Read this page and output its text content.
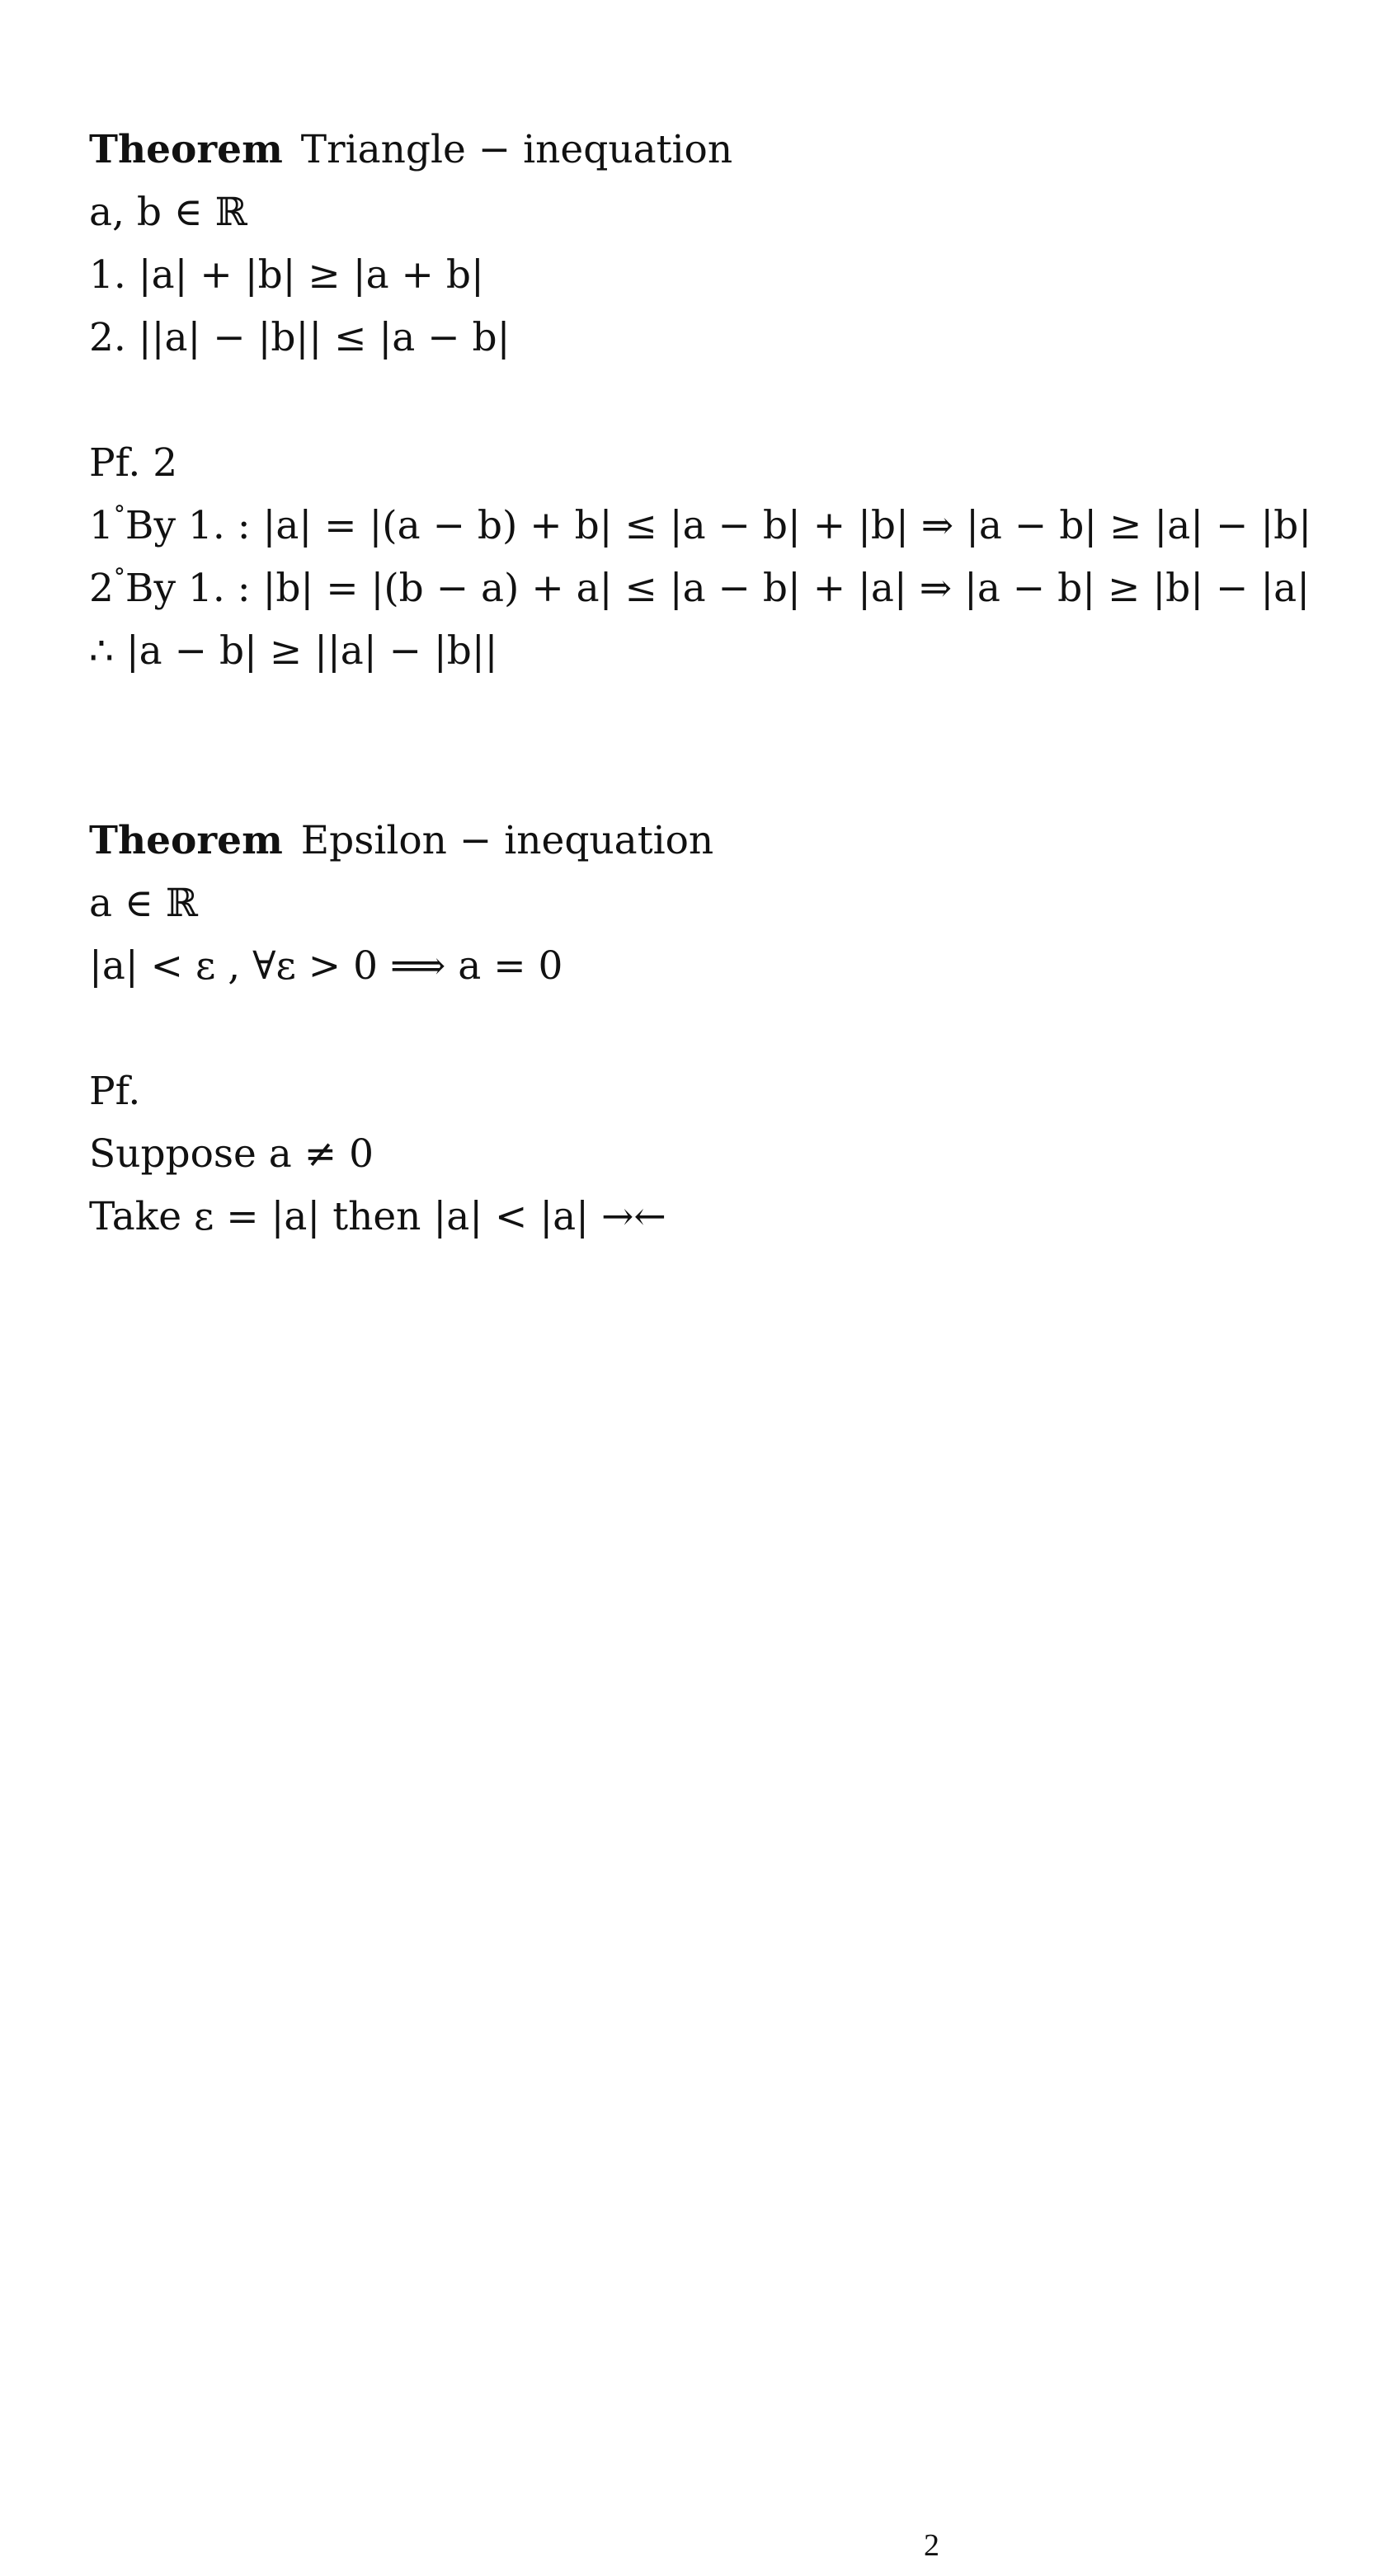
Theorem Triangle − inequation
a, b ∈ ℝ
1. |a| + |b| ≥ |a + b|
2. ||a| − |b|| ≤ |a − b|
Pf. 2
1°By 1. : |a| = |(a − b) + b| ≤ |a − b| + |b| ⇒ |a − b| ≥ |a| − |b|
2°By 1. : |b| = |(b − a) + a| ≤ |a − b| + |a| ⇒ |a − b| ≥ |b| − |a|
∴ |a − b| ≥ ||a| − |b||
Theorem Epsilon − inequation
a ∈ ℝ
|a| < ε , ∀ε > 0 ⟹ a = 0
Pf.
Suppose a ≠ 0
Take ε = |a| then |a| < |a| →←
2
